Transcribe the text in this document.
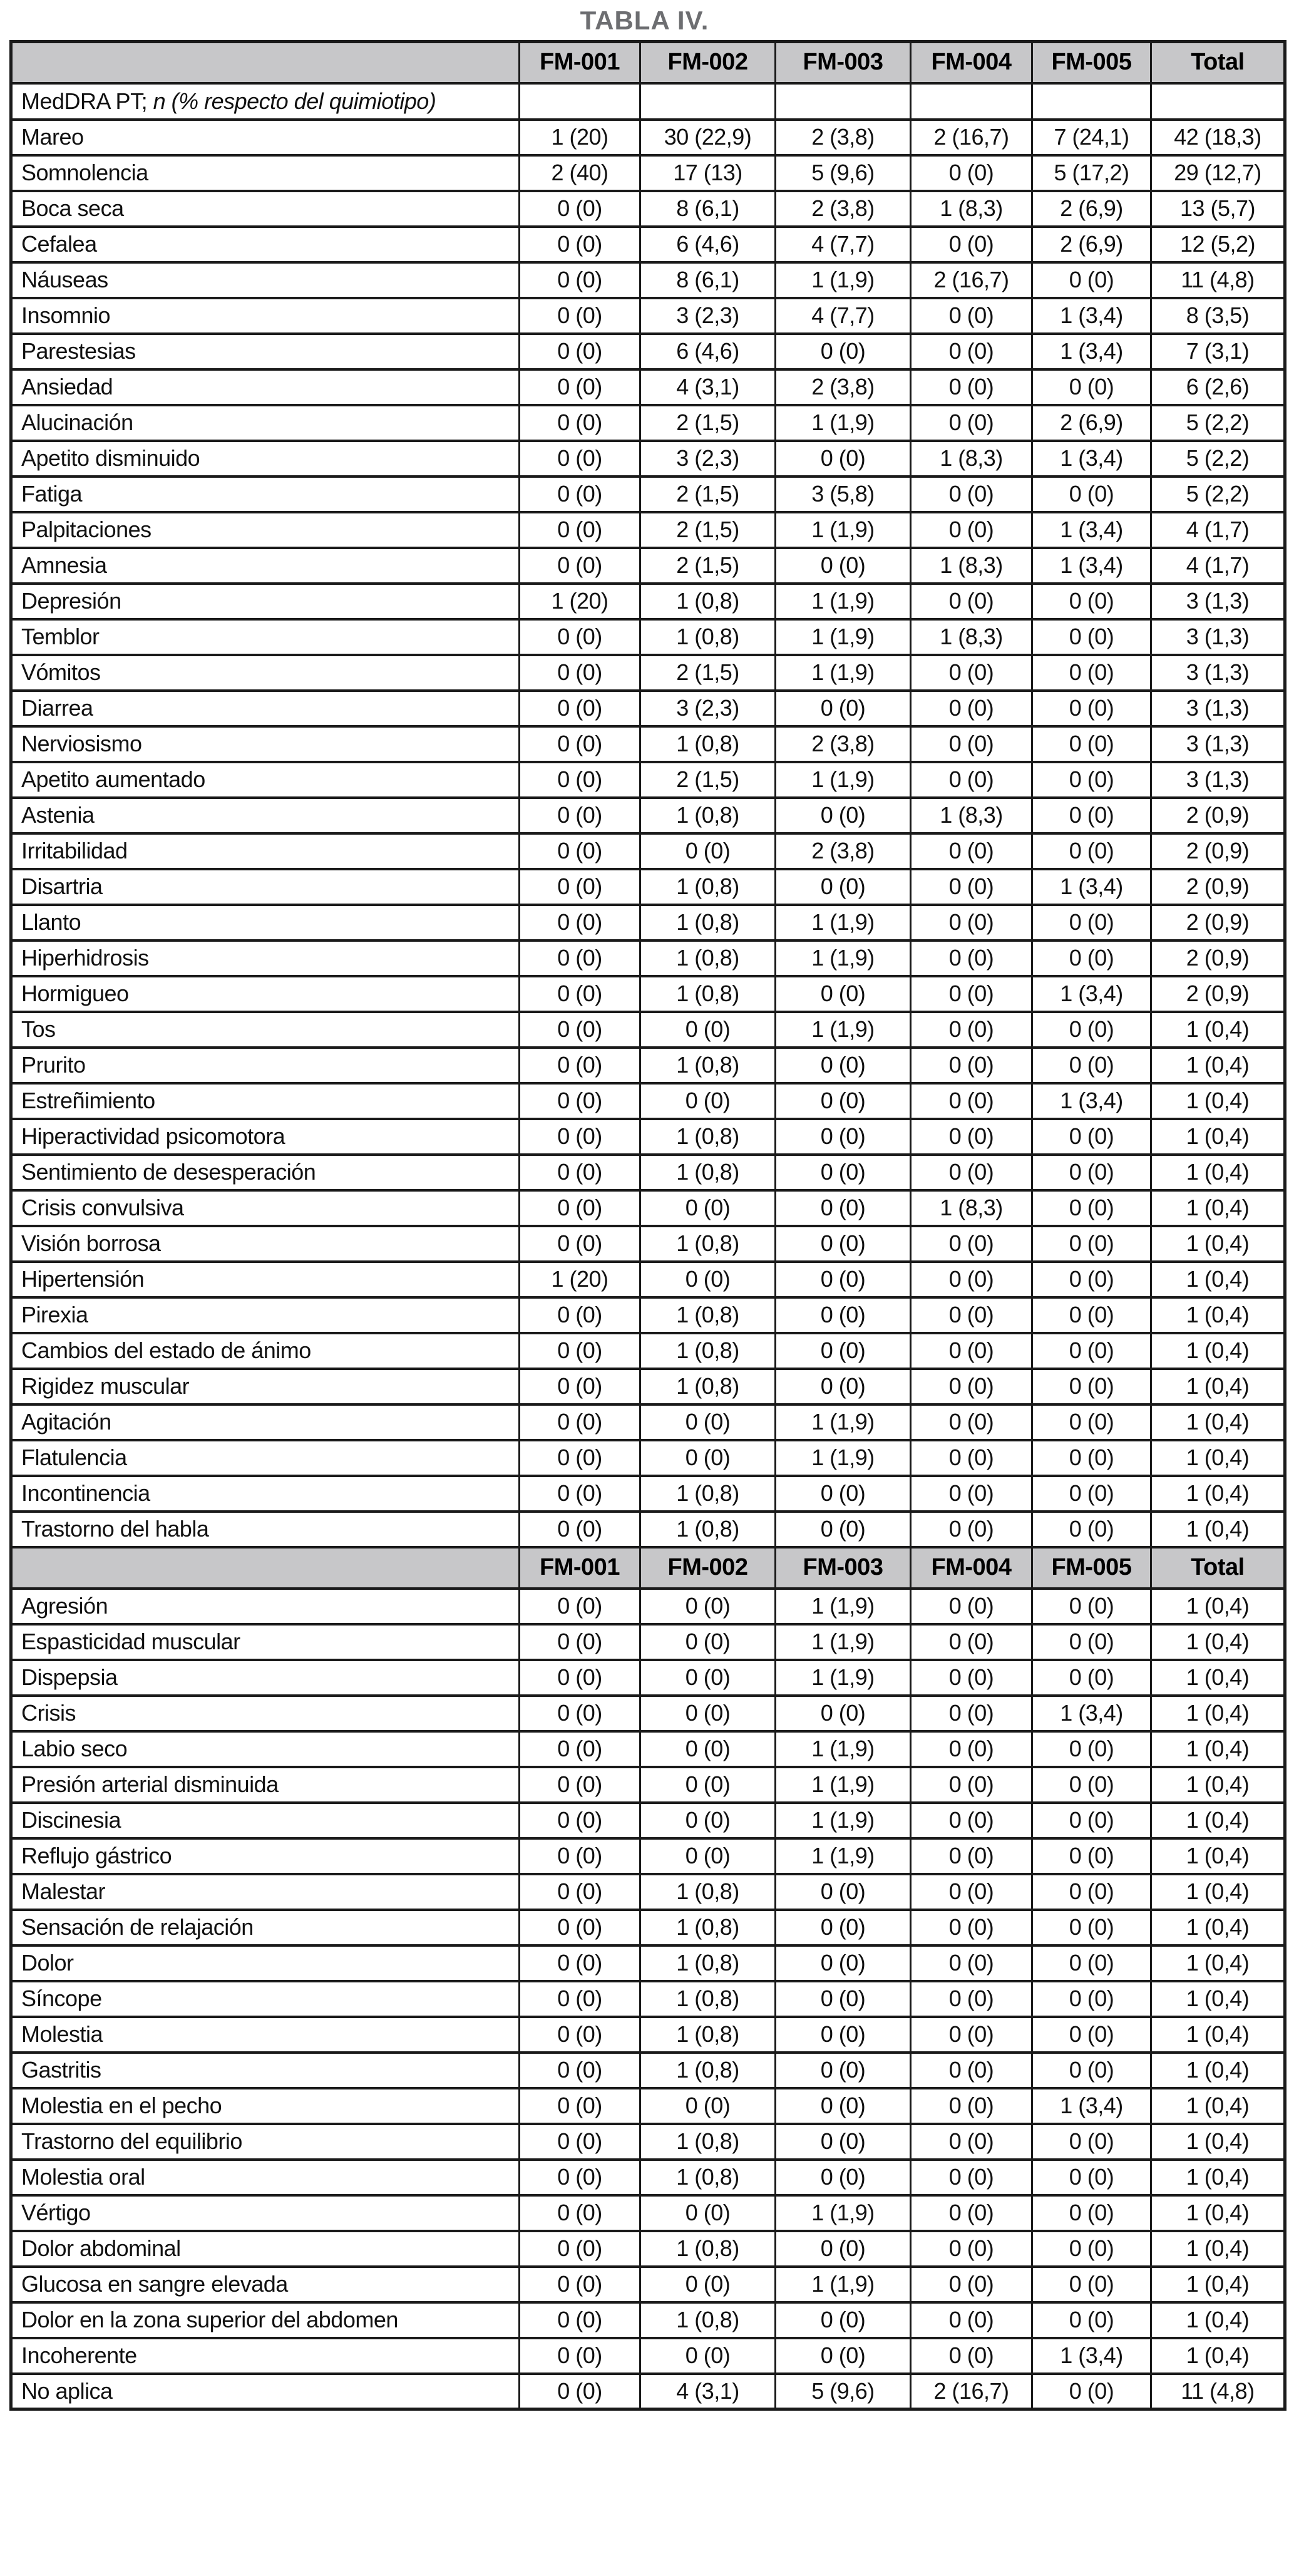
TABLA IV.
	FM-001	FM-002	FM-003	FM-004	FM-005	Total
MedDRA PT; n (% respecto del quimiotipo)						
Mareo	1 (20)	30 (22,9)	2 (3,8)	2 (16,7)	7 (24,1)	42 (18,3)
Somnolencia	2 (40)	17 (13)	5 (9,6)	0 (0)	5 (17,2)	29 (12,7)
Boca seca	0 (0)	8 (6,1)	2 (3,8)	1 (8,3)	2 (6,9)	13 (5,7)
Cefalea	0 (0)	6 (4,6)	4 (7,7)	0 (0)	2 (6,9)	12 (5,2)
Náuseas	0 (0)	8 (6,1)	1 (1,9)	2 (16,7)	0 (0)	11 (4,8)
Insomnio	0 (0)	3 (2,3)	4 (7,7)	0 (0)	1 (3,4)	8 (3,5)
Parestesias	0 (0)	6 (4,6)	0 (0)	0 (0)	1 (3,4)	7 (3,1)
Ansiedad	0 (0)	4 (3,1)	2 (3,8)	0 (0)	0 (0)	6 (2,6)
Alucinación	0 (0)	2 (1,5)	1 (1,9)	0 (0)	2 (6,9)	5 (2,2)
Apetito disminuido	0 (0)	3 (2,3)	0 (0)	1 (8,3)	1 (3,4)	5 (2,2)
Fatiga	0 (0)	2 (1,5)	3 (5,8)	0 (0)	0 (0)	5 (2,2)
Palpitaciones	0 (0)	2 (1,5)	1 (1,9)	0 (0)	1 (3,4)	4 (1,7)
Amnesia	0 (0)	2 (1,5)	0 (0)	1 (8,3)	1 (3,4)	4 (1,7)
Depresión	1 (20)	1 (0,8)	1 (1,9)	0 (0)	0 (0)	3 (1,3)
Temblor	0 (0)	1 (0,8)	1 (1,9)	1 (8,3)	0 (0)	3 (1,3)
Vómitos	0 (0)	2 (1,5)	1 (1,9)	0 (0)	0 (0)	3 (1,3)
Diarrea	0 (0)	3 (2,3)	0 (0)	0 (0)	0 (0)	3 (1,3)
Nerviosismo	0 (0)	1 (0,8)	2 (3,8)	0 (0)	0 (0)	3 (1,3)
Apetito aumentado	0 (0)	2 (1,5)	1 (1,9)	0 (0)	0 (0)	3 (1,3)
Astenia	0 (0)	1 (0,8)	0 (0)	1 (8,3)	0 (0)	2 (0,9)
Irritabilidad	0 (0)	0 (0)	2 (3,8)	0 (0)	0 (0)	2 (0,9)
Disartria	0 (0)	1 (0,8)	0 (0)	0 (0)	1 (3,4)	2 (0,9)
Llanto	0 (0)	1 (0,8)	1 (1,9)	0 (0)	0 (0)	2 (0,9)
Hiperhidrosis	0 (0)	1 (0,8)	1 (1,9)	0 (0)	0 (0)	2 (0,9)
Hormigueo	0 (0)	1 (0,8)	0 (0)	0 (0)	1 (3,4)	2 (0,9)
Tos	0 (0)	0 (0)	1 (1,9)	0 (0)	0 (0)	1 (0,4)
Prurito	0 (0)	1 (0,8)	0 (0)	0 (0)	0 (0)	1 (0,4)
Estreñimiento	0 (0)	0 (0)	0 (0)	0 (0)	1 (3,4)	1 (0,4)
Hiperactividad psicomotora	0 (0)	1 (0,8)	0 (0)	0 (0)	0 (0)	1 (0,4)
Sentimiento de desesperación	0 (0)	1 (0,8)	0 (0)	0 (0)	0 (0)	1 (0,4)
Crisis convulsiva	0 (0)	0 (0)	0 (0)	1 (8,3)	0 (0)	1 (0,4)
Visión borrosa	0 (0)	1 (0,8)	0 (0)	0 (0)	0 (0)	1 (0,4)
Hipertensión	1 (20)	0 (0)	0 (0)	0 (0)	0 (0)	1 (0,4)
Pirexia	0 (0)	1 (0,8)	0 (0)	0 (0)	0 (0)	1 (0,4)
Cambios del estado de ánimo	0 (0)	1 (0,8)	0 (0)	0 (0)	0 (0)	1 (0,4)
Rigidez muscular	0 (0)	1 (0,8)	0 (0)	0 (0)	0 (0)	1 (0,4)
Agitación	0 (0)	0 (0)	1 (1,9)	0 (0)	0 (0)	1 (0,4)
Flatulencia	0 (0)	0 (0)	1 (1,9)	0 (0)	0 (0)	1 (0,4)
Incontinencia	0 (0)	1 (0,8)	0 (0)	0 (0)	0 (0)	1 (0,4)
Trastorno del habla	0 (0)	1 (0,8)	0 (0)	0 (0)	0 (0)	1 (0,4)
	FM-001	FM-002	FM-003	FM-004	FM-005	Total
Agresión	0 (0)	0 (0)	1 (1,9)	0 (0)	0 (0)	1 (0,4)
Espasticidad muscular	0 (0)	0 (0)	1 (1,9)	0 (0)	0 (0)	1 (0,4)
Dispepsia	0 (0)	0 (0)	1 (1,9)	0 (0)	0 (0)	1 (0,4)
Crisis	0 (0)	0 (0)	0 (0)	0 (0)	1 (3,4)	1 (0,4)
Labio seco	0 (0)	0 (0)	1 (1,9)	0 (0)	0 (0)	1 (0,4)
Presión arterial disminuida	0 (0)	0 (0)	1 (1,9)	0 (0)	0 (0)	1 (0,4)
Discinesia	0 (0)	0 (0)	1 (1,9)	0 (0)	0 (0)	1 (0,4)
Reflujo gástrico	0 (0)	0 (0)	1 (1,9)	0 (0)	0 (0)	1 (0,4)
Malestar	0 (0)	1 (0,8)	0 (0)	0 (0)	0 (0)	1 (0,4)
Sensación de relajación	0 (0)	1 (0,8)	0 (0)	0 (0)	0 (0)	1 (0,4)
Dolor	0 (0)	1 (0,8)	0 (0)	0 (0)	0 (0)	1 (0,4)
Síncope	0 (0)	1 (0,8)	0 (0)	0 (0)	0 (0)	1 (0,4)
Molestia	0 (0)	1 (0,8)	0 (0)	0 (0)	0 (0)	1 (0,4)
Gastritis	0 (0)	1 (0,8)	0 (0)	0 (0)	0 (0)	1 (0,4)
Molestia en el pecho	0 (0)	0 (0)	0 (0)	0 (0)	1 (3,4)	1 (0,4)
Trastorno del equilibrio	0 (0)	1 (0,8)	0 (0)	0 (0)	0 (0)	1 (0,4)
Molestia oral	0 (0)	1 (0,8)	0 (0)	0 (0)	0 (0)	1 (0,4)
Vértigo	0 (0)	0 (0)	1 (1,9)	0 (0)	0 (0)	1 (0,4)
Dolor abdominal	0 (0)	1 (0,8)	0 (0)	0 (0)	0 (0)	1 (0,4)
Glucosa en sangre elevada	0 (0)	0 (0)	1 (1,9)	0 (0)	0 (0)	1 (0,4)
Dolor en la zona superior del abdomen	0 (0)	1 (0,8)	0 (0)	0 (0)	0 (0)	1 (0,4)
Incoherente	0 (0)	0 (0)	0 (0)	0 (0)	1 (3,4)	1 (0,4)
No aplica	0 (0)	4 (3,1)	5 (9,6)	2 (16,7)	0 (0)	11 (4,8)
